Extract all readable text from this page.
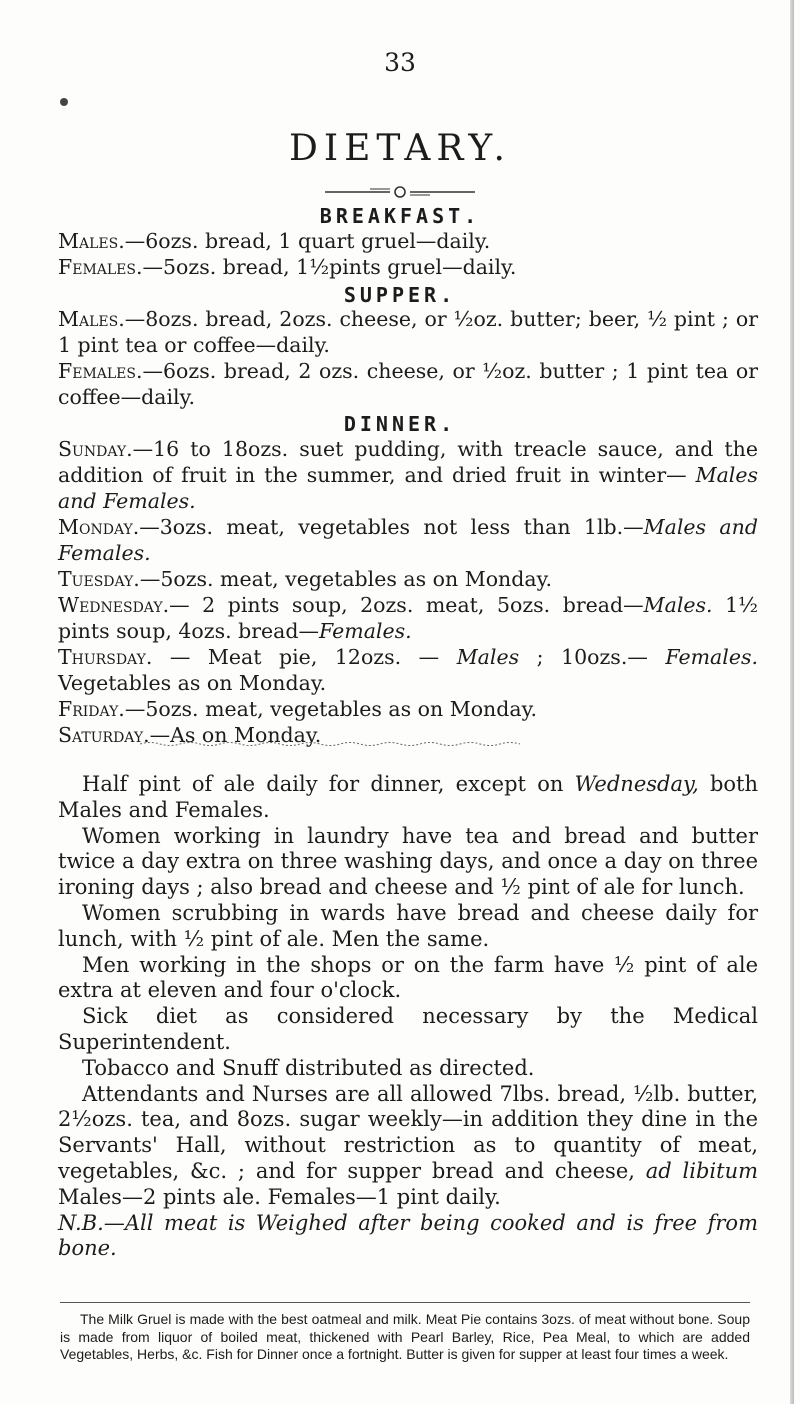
33
DIETARY.
BREAKFAST.
Males.—6ozs. bread, 1 quart gruel—daily.
Females.—5ozs. bread, 1½pints gruel—daily.
SUPPER.
Males.—8ozs. bread, 2ozs. cheese, or ½oz. butter; beer, ½ pint ; or 1 pint tea or coffee—daily.
Females.—6ozs. bread, 2 ozs. cheese, or ½oz. butter ; 1 pint tea or coffee—daily.
DINNER.
Sunday.—16 to 18ozs. suet pudding, with treacle sauce, and the addition of fruit in the summer, and dried fruit in winter— Males and Females.
Monday.—3ozs. meat, vegetables not less than 1lb.—Males and Females.
Tuesday.—5ozs. meat, vegetables as on Monday.
Wednesday.— 2 pints soup, 2ozs. meat, 5ozs. bread—Males. 1½ pints soup, 4ozs. bread—Females.
Thursday. — Meat pie, 12ozs. — Males ; 10ozs.— Females. Vegetables as on Monday.
Friday.—5ozs. meat, vegetables as on Monday.
Saturday.—As on Monday.
Half pint of ale daily for dinner, except on Wednesday, both Males and Females.
Women working in laundry have tea and bread and butter twice a day extra on three washing days, and once a day on three ironing days ; also bread and cheese and ½ pint of ale for lunch.
Women scrubbing in wards have bread and cheese daily for lunch, with ½ pint of ale. Men the same.
Men working in the shops or on the farm have ½ pint of ale extra at eleven and four o'clock.
Sick diet as considered necessary by the Medical Superintendent.
Tobacco and Snuff distributed as directed.
Attendants and Nurses are all allowed 7lbs. bread, ½lb. butter, 2½ozs. tea, and 8ozs. sugar weekly—in addition they dine in the Servants' Hall, without restriction as to quantity of meat, vegetables, &c. ; and for supper bread and cheese, ad libitum Males—2 pints ale. Females—1 pint daily.
N.B.—All meat is Weighed after being cooked and is free from bone.
The Milk Gruel is made with the best oatmeal and milk. Meat Pie contains 3ozs. of meat without bone. Soup is made from liquor of boiled meat, thickened with Pearl Barley, Rice, Pea Meal, to which are added Vegetables, Herbs, &c. Fish for Dinner once a fortnight. Butter is given for supper at least four times a week.
